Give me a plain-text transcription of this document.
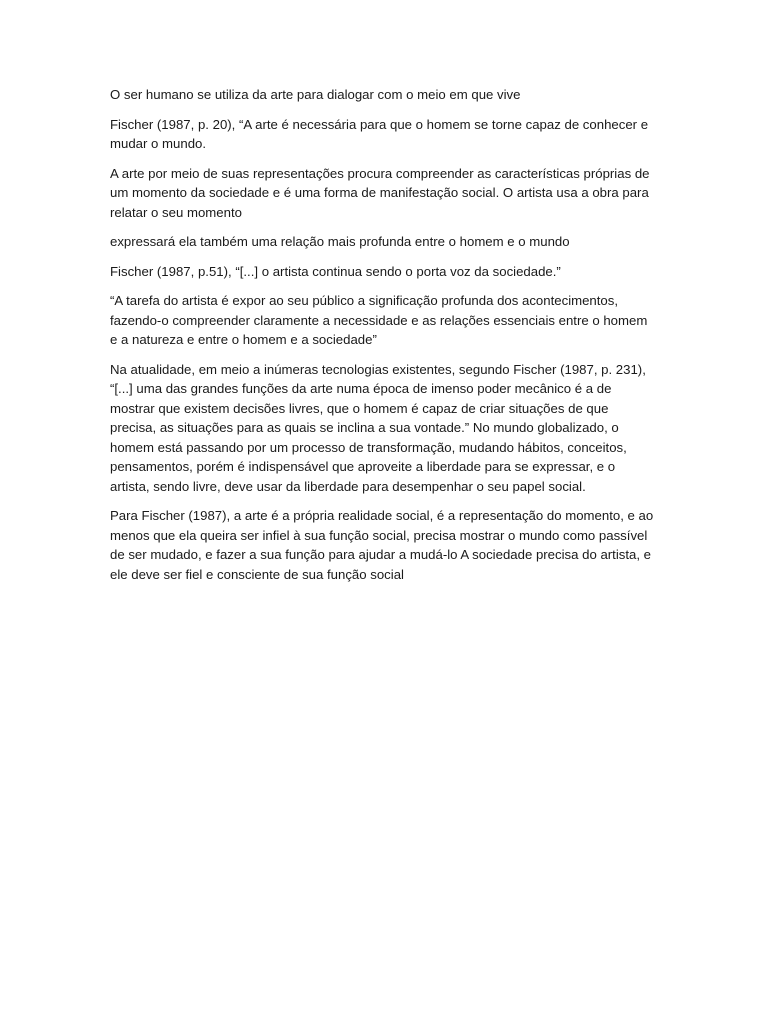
O ser humano se utiliza da arte para dialogar com o meio em que vive

Fischer (1987, p. 20), “A arte é necessária para que o homem se torne capaz de conhecer e mudar o mundo.

A arte por meio de suas representações procura compreender as características próprias de um momento da sociedade e é uma forma de manifestação social. O artista usa a obra para relatar o seu momento

expressará ela também uma relação mais profunda entre o homem e o mundo

Fischer (1987, p.51), “[...] o artista continua sendo o porta voz da sociedade.”

“A tarefa do artista é expor ao seu público a significação profunda dos acontecimentos, fazendo-o compreender claramente a necessidade e as relações essenciais entre o homem e a natureza e entre o homem e a sociedade”

Na atualidade, em meio a inúmeras tecnologias existentes, segundo Fischer (1987, p. 231), “[...] uma das grandes funções da arte numa época de imenso poder mecânico é a de mostrar que existem decisões livres, que o homem é capaz de criar situações de que precisa, as situações para as quais se inclina a sua vontade.” No mundo globalizado, o homem está passando por um processo de transformação, mudando hábitos, conceitos, pensamentos, porém é indispensável que aproveite a liberdade para se expressar, e o artista, sendo livre, deve usar da liberdade para desempenhar o seu papel social.

Para Fischer (1987), a arte é a própria realidade social, é a representação do momento, e ao menos que ela queira ser infiel à sua função social, precisa mostrar o mundo como passível de ser mudado, e fazer a sua função para ajudar a mudá-lo A sociedade precisa do artista, e ele deve ser fiel e consciente de sua função social
